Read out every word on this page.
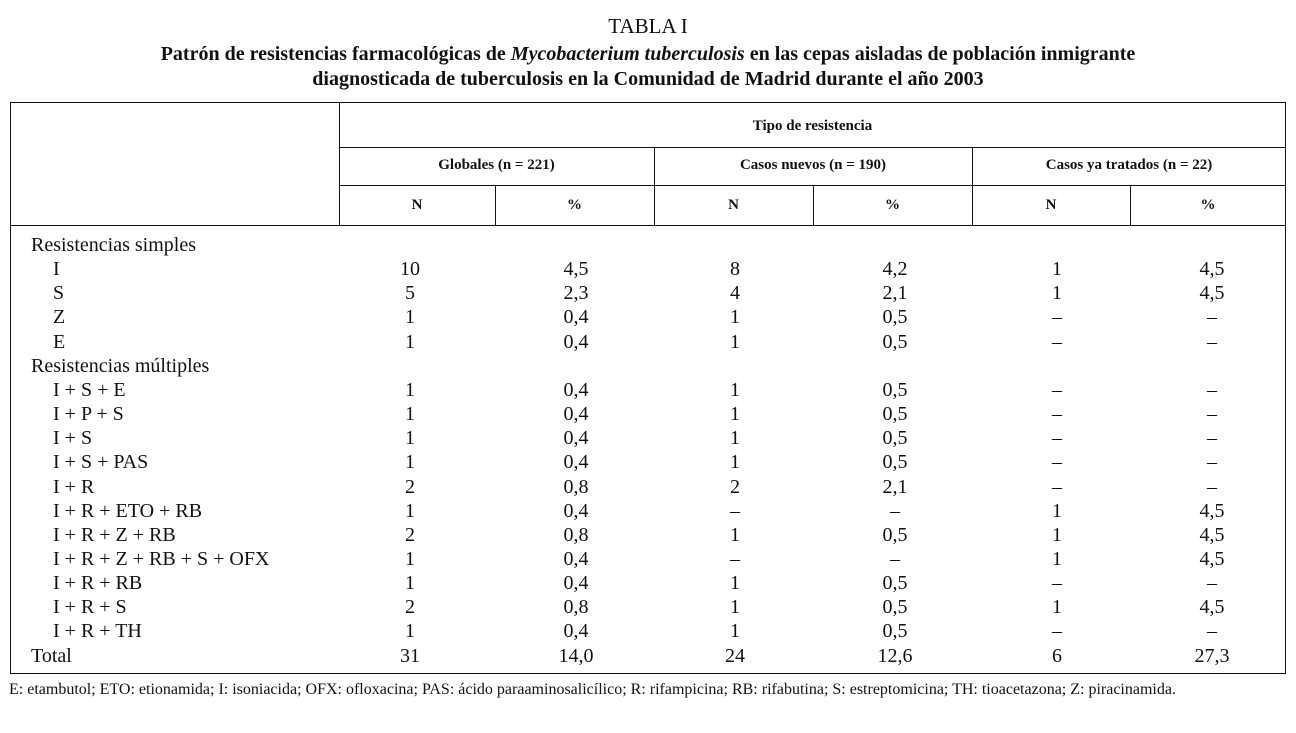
TABLA I
Patrón de resistencias farmacológicas de Mycobacterium tuberculosis en las cepas aisladas de población inmigrante
diagnosticada de tuberculosis en la Comunidad de Madrid durante el año 2003
Tipo de resistencia
Globales (n = 221)	Casos nuevos (n = 190)	Casos ya tratados (n = 22)
N	%	N	%	N	%
Resistencias simples
I	10	4,5	8	4,2	1	4,5
S	5	2,3	4	2,1	1	4,5
Z	1	0,4	1	0,5	–	–
E	1	0,4	1	0,5	–	–
Resistencias múltiples
I + S + E	1	0,4	1	0,5	–	–
I + P + S	1	0,4	1	0,5	–	–
I + S	1	0,4	1	0,5	–	–
I + S + PAS	1	0,4	1	0,5	–	–
I + R	2	0,8	2	2,1	–	–
I + R + ETO + RB	1	0,4	–	–	1	4,5
I + R + Z + RB	2	0,8	1	0,5	1	4,5
I + R + Z + RB + S + OFX	1	0,4	–	–	1	4,5
I + R + RB	1	0,4	1	0,5	–	–
I + R + S	2	0,8	1	0,5	1	4,5
I + R + TH	1	0,4	1	0,5	–	–
Total	31	14,0	24	12,6	6	27,3
E: etambutol; ETO: etionamida; I: isoniacida; OFX: ofloxacina; PAS: ácido paraaminosalicílico; R: rifampicina; RB: rifabutina; S: estreptomicina; TH: tioacetazona; Z: piracinamida.
